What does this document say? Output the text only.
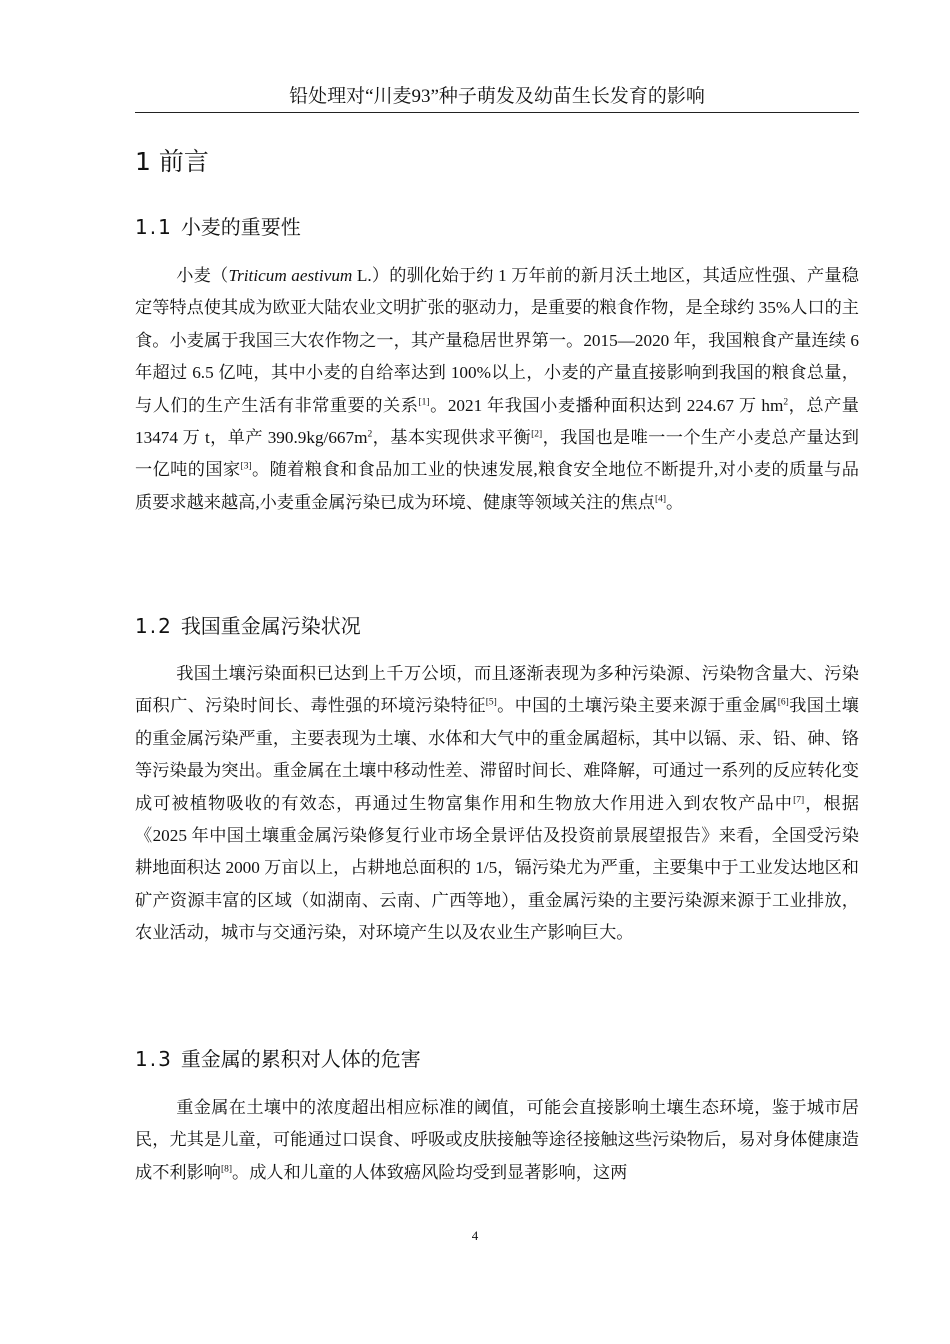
铅处理对“川麦93”种子萌发及幼苗生长发育的影响
1 前言
1.1 小麦的重要性
小麦（Triticum aestivum L.）的驯化始于约 1 万年前的新月沃土地区，其适应性强、产量稳定等特点使其成为欧亚大陆农业文明扩张的驱动力，是重要的粮食作物，是全球约 35%人口的主食。小麦属于我国三大农作物之一，其产量稳居世界第一。2015—2020 年，我国粮食产量连续 6 年超过 6.5 亿吨，其中小麦的自给率达到 100%以上，小麦的产量直接影响到我国的粮食总量，与人们的生产生活有非常重要的关系[1]。2021 年我国小麦播种面积达到 224.67 万 $hm^2$，总产量 13474 万 t，单产 $390.9kg/667m^2$，基本实现供求平衡[2]，我国也是唯一一个生产小麦总产量达到一亿吨的国家[3]。随着粮食和食品加工业的快速发展,粮食安全地位不断提升,对小麦的质量与品质要求越来越高,小麦重金属污染已成为环境、健康等领域关注的焦点[4]。
1.2 我国重金属污染状况
我国土壤污染面积已达到上千万公顷，而且逐渐表现为多种污染源、污染物含量大、污染 面积广、污染时间长、毒性强的环境污染特征[5]。中国的土壤污染主要来源于重金属[6]我国土壤的重金属污染严重，主要表现为土壤、水体和大气中的重金属超标，其中以镉、汞、铅、砷、铬等污染最为突出。重金属在土壤中移动性差、滞留时间长、难降解，可通过一系列的反应转化变成可被植物吸收的有效态，再通过生物富集作用和生物放大作用进入到农牧产品中[7]，根据《2025 年中国土壤重金属污染修复行业市场全景评估及投资前景展望报告》来看，全国受污染耕地面积达 2000 万亩以上，占耕地总面积的 1/5，镉污染尤为严重，主要集中于工业发达地区和矿产资源丰富的区域（如湖南、云南、广西等地），重金属污染的主要污染源来源于工业排放，农业活动，城市与交通污染，对环境产生以及农业生产影响巨大。
1.3 重金属的累积对人体的危害
重金属在土壤中的浓度超出相应标准的阈值，可能会直接影响土壤生态环境，鉴于城市居民，尤其是儿童，可能通过口误食、呼吸或皮肤接触等途径接触这些污染物后，易对身体健康造成不利影响[8]。成人和儿童的人体致癌风险均受到显著影响，这两
4
